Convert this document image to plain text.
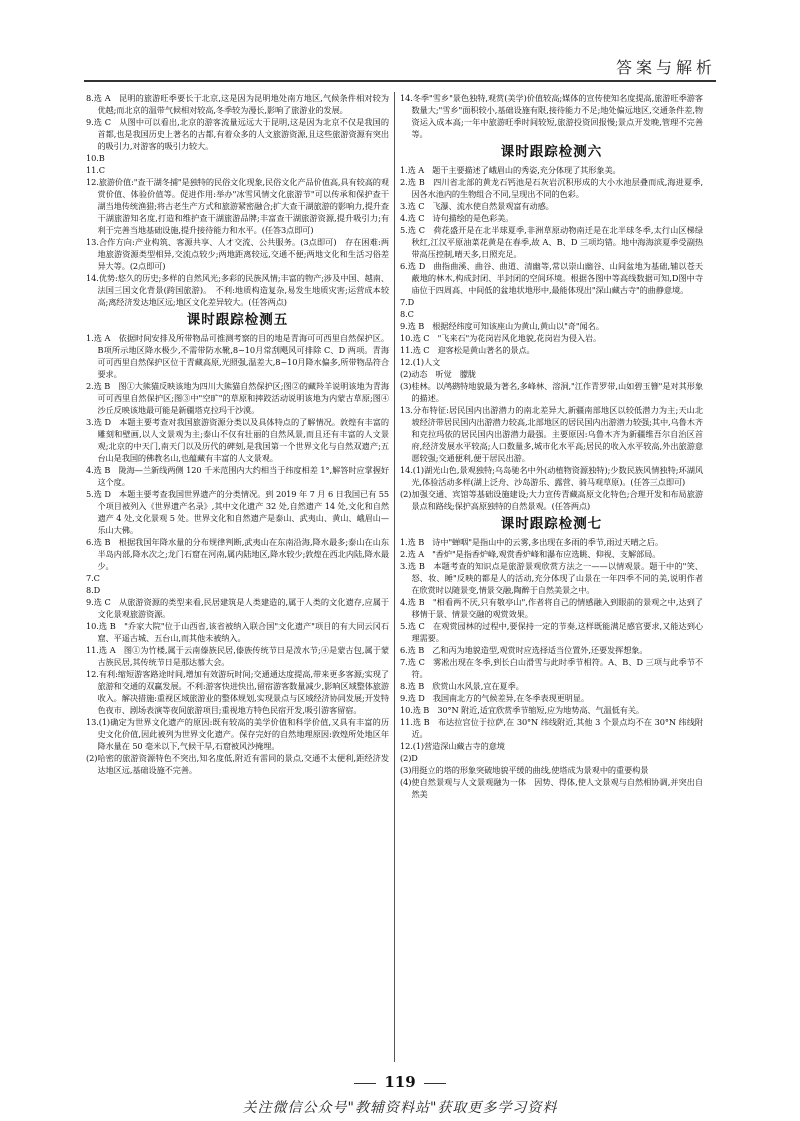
答案与解析

8.选 A　昆明的旅游旺季要长于北京,这是因为昆明地处南方地区,气候条件相对较为优越;而北京的温带气候相对较高,冬季较为漫长,影响了旅游业的发展。

9.选 C　从图中可以看出,北京的游客流量远远大于昆明,这是因为北京不仅是我国的首都,也是我国历史上著名的古都,有着众多的人文旅游资源,且这些旅游资源有突出的吸引力,对游客的吸引力较大。

10.B

11.C

12.旅游价值:"查干湖冬捕"是独特的民俗文化现象,民俗文化产品价值高,具有较高的观赏价值、体验价值等。促进作用:举办"冰雪风情文化旅游节"可以传承和保护查干湖当地传统渔猎;将古老生产方式和旅游紧密融合;扩大查干湖旅游的影响力,提升查干湖旅游知名度,打造和维护查干湖旅游品牌;丰富查干湖旅游资源,提升吸引力;有利于完善当地基础设施,提升接待能力和水平。(任答3点即可)

13.合作方向:产业构筑、客源共享、人才交流、公共服务。(3点即可)　存在困难:两地旅游资源类型相异,交流点较少;两地距离较远,交通不便;两地文化和生活习俗差异大等。(2点即可)

14.优势:悠久的历史;多样的自然风光;多彩的民族风情;丰富的物产;涉及中国、越南、法国三国文化背景(跨国旅游)。　不利:地质构造复杂,易发生地质灾害;运营成本较高;离经济发达地区远;地区文化差异较大。(任答两点)

课时跟踪检测五

1.选 A　依据时间安排及所带物品可推测考察的目的地是青海可可西里自然保护区。B项所示地区降水极少,不需带防水靴,8~10月常刮飓风可排除 C、D 两项。青海可可西里自然保护区位于青藏高原,光照强,温差大,8~10月降水偏多,所带物品符合要求。

2.选 B　图①大熊猫反映该地为四川大熊猫自然保护区;图②的藏羚羊说明该地为青海可可西里自然保护区;图③中"空旷"的草原和摔跤活动说明该地为内蒙古草原;图④沙丘反映该地最可能是新疆塔克拉玛干沙漠。

3.选 D　本题主要考查对我国旅游资源分类以及具体特点的了解情况。敦煌有丰富的雕刻和壁画,以人文景观为主;泰山不仅有壮丽的自然风景,而且还有丰富的人文景观;北京的中天门,南天门以及历代的碑刻,是我国第一个世界文化与自然双遗产;五台山是我国的佛教名山,也蕴藏有丰富的人文景观。

4.选 B　陇海—兰新线两侧 120 千米范围内大约相当于纬度相差 1°,解答时应掌握好这个度。

5.选 D　本题主要考查我国世界遗产的分类情况。到 2019 年 7 月 6 日我国已有 55 个项目被列入《世界遗产名录》,其中文化遗产 32 处,自然遗产 14 处,文化和自然遗产 4 处,文化景观 5 处。世界文化和自然遗产是泰山、武夷山、黄山、峨眉山—乐山大佛。

6.选 B　根据我国年降水量的分布规律判断,武夷山在东南沿海,降水最多;泰山在山东半岛内部,降水次之;龙门石窟在河南,属内陆地区,降水较少;敦煌在西北内陆,降水最少。

7.C

8.D

9.选 C　从旅游资源的类型来看,民居建筑是人类建造的,属于人类的文化遗存,应属于文化景观旅游资源。

10.选 B　"乔家大院"位于山西省,该省被纳入联合国"文化遗产"项目的有大同云冈石窟、平遥古城、五台山,而其他未被纳入。

11.选 A　图①为竹楼,属于云南傣族民居,傣族传统节日是泼水节;④是蒙古包,属于蒙古族民居,其传统节日是那达慕大会。

12.有利:缩短游客路途时间,增加有效游玩时间;交通通达度提高,带来更多客源;实现了旅游和交通的双赢发展。不利:游客快进快出,留宿游客数量减少,影响区域整体旅游收入。解决措施:重视区域旅游业的整体规划,实现景点与区域经济协同发展;开发特色夜市、剧场表演等夜间旅游项目;重视地方特色民宿开发,吸引游客留宿。

13.(1)确定为世界文化遗产的原因:既有较高的美学价值和科学价值,又具有丰富的历史文化价值,因此被列为世界文化遗产。保存完好的自然地理原因:敦煌所处地区年降水量在 50 毫米以下,气候干旱,石窟被风沙掩埋。

(2)哈密的旅游资源特色不突出,知名度低,附近有雷同的景点,交通不太便利,距经济发达地区远,基础设施不完善。

14.冬季"雪乡"景色独特,观赏(美学)价值较高;媒体的宣传使知名度提高,旅游旺季游客数量大;"雪乡"面积较小,基础设施有限,接待能力不足;地处偏远地区,交通条件差,物资运入成本高;一年中旅游旺季时间较短,旅游投资回报慢;景点开发晚,管理不完善等。

课时跟踪检测六

1.选 A　题干主要描述了峨眉山的秀姿,充分体现了其形象美。

2.选 B　四川省北部的黄龙石钙池是石灰岩沉积形成的大小水池层叠而成,海进夏季,因各水池内的生物组合不同,呈现出不同的色彩。

3.选 C　飞瀑、流水使自然景观富有动感。

4.选 C　诗句描绘的是色彩美。

5.选 C　荷花盛开是在北半球夏季,非洲草原动物南迁是在北半球冬季,太行山区梯绿秋红,江汉平原油菜花黄是在春季,故 A、B、D 三项均错。地中海海滨夏季受副热带高压控制,晴天多,日照充足。

6.选 D　曲指曲溪、曲谷、曲道、清幽等,常以崇山幽谷、山间盆地为基础,辅以苍天蔽地的林木,构成封闭、半封闭的空间环境。根据各图中等高线数据可知,D图中寺庙位于四周高、中间低的盆地状地形中,最能体现出"深山藏古寺"的曲静意境。

7.D

8.C

9.选 B　根据经纬度可知该座山为黄山,黄山以"奇"闻名。

10.选 C　"飞来石"为花岗岩风化地貌,花岗岩为侵入岩。

11.选 C　迎客松是黄山著名的景点。

12.(1)人文

(2)动态　听觉　朦胧

(3)桂林。以鸬鹚特地貌最为著名,多峰林、溶洞,"江作青罗带,山如碧玉簪"是对其形象的描述。

13.分布特征:居民国内出游潜力的南北差异大,新疆南部地区以较低潜力为主;天山北坡经济带居民国内出游潜力较高,北部地区的居民国内出游潜力较强;其中,乌鲁木齐和克拉玛依的居民国内出游潜力最强。主要原因:乌鲁木齐为新疆维吾尔自治区首府,经济发展水平较高;人口数量多,城市化水平高;居民的收入水平较高,外出旅游意愿较强;交通便利,便于居民出游。

14.(1)湖光山色,景观独特;乌岛驰名中外(动植物资源独特);少数民族风情独特;环湖风光,体验活动多样(湖上泛舟、沙岛游乐、露营、骑马观草原)。(任答三点即可)

(2)加强交通、宾馆等基础设施建设;大力宣传青藏高原文化特色;合理开发和布局旅游景点和路线;保护高原独特的自然景观。(任答两点)

课时跟踪检测七

1.选 B　诗中"蝉咽"是指山中的云雾,多出现在多雨的季节,雨过天晴之后。

2.选 A　"香炉"是指香炉峰,观赏香炉峰和瀑布应选眺、仰视、支解部局。

3.选 B　本题考查的知识点是旅游景观欣赏方法之一——以情观景。题干中的"笑、怒、妆、睡"反映的都是人的活动,充分体现了山景在一年四季不同的美,说明作者在欣赏时以随景变,情景交融,陶醉于自然美景之中。

4.选 B　"相看两不厌,只有敬亭山",作者将自己的情感融入到眼前的景观之中,达到了移情于景、情景交融的观赏效果。

5.选 C　在观赏园林的过程中,要保持一定的节奏,这样既能满足感官要求,又能达到心理需要。

6.选 B　乙和丙为地貌造型,观赏时应选择适当位置外,还要发挥想象。

7.选 C　雾凇出现在冬季,到长白山滑雪与此时季节相符。A、B、D 三项与此季节不符。

8.选 B　欣赏山水风景,宜在夏季。

9.选 D　我国南北方的气候差异,在冬季表现更明显。

10.选 B　30°N 附近,适宜欣赏季节缩短,应为地势高、气温低有关。

11.选 B　布达拉宫位于拉萨,在 30°N 纬线附近,其他 3 个景点均不在 30°N 纬线附近。

12.(1)营造深山藏古寺的意境

(2)D

(3)用挺立的塔的形象突破地貌平缓的曲线,使塔成为景观中的重要构景

(4)使自然景观与人文景观融为一体　因势、得体,使人文景观与自然相协调,并突出自然美

119
关注微信公众号"教辅资料站"获取更多学习资料
